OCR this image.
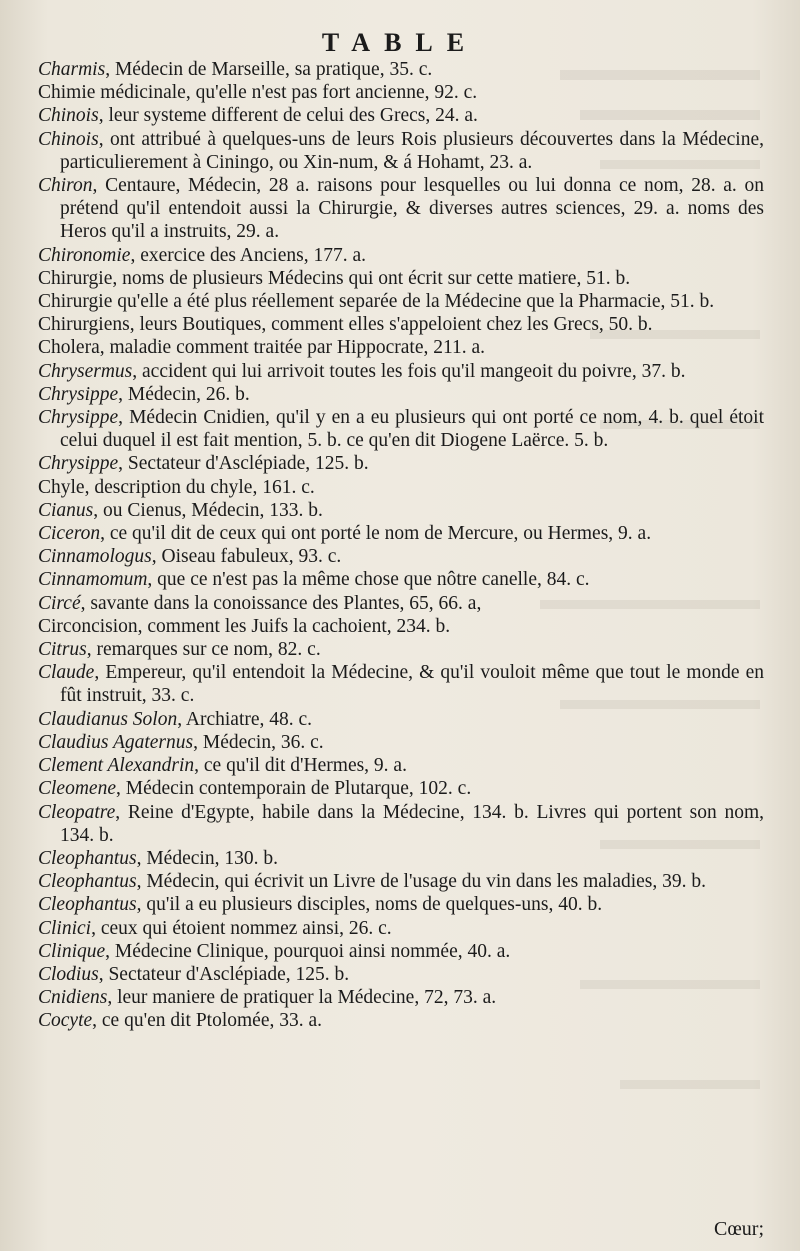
TABLE
Charmis, Médecin de Marseille, sa pratique, 35. c.
Chimie médicinale, qu'elle n'est pas fort ancienne, 92. c.
Chinois, leur systeme different de celui des Grecs, 24. a.
Chinois, ont attribué à quelques-uns de leurs Rois plusieurs découvertes dans la Médecine, particulierement à Ciningo, ou Xin-num, & á Hohamt, 23. a.
Chiron, Centaure, Médecin, 28 a. raisons pour lesquelles ou lui donna ce nom, 28. a. on prétend qu'il entendoit aussi la Chirurgie, & diverses autres sciences, 29. a. noms des Heros qu'il a instruits, 29. a.
Chironomie, exercice des Anciens, 177. a.
Chirurgie, noms de plusieurs Médecins qui ont écrit sur cette matiere, 51. b.
Chirurgie qu'elle a été plus réellement separée de la Médecine que la Pharmacie, 51. b.
Chirurgiens, leurs Boutiques, comment elles s'appeloient chez les Grecs, 50. b.
Cholera, maladie comment traitée par Hippocrate, 211. a.
Chrysermus, accident qui lui arrivoit toutes les fois qu'il mangeoit du poivre, 37. b.
Chrysippe, Médecin, 26. b.
Chrysippe, Médecin Cnidien, qu'il y en a eu plusieurs qui ont porté ce nom, 4. b. quel étoit celui duquel il est fait mention, 5. b. ce qu'en dit Diogene Laërce. 5. b.
Chrysippe, Sectateur d'Asclépiade, 125. b.
Chyle, description du chyle, 161. c.
Cianus, ou Cienus, Médecin, 133. b.
Ciceron, ce qu'il dit de ceux qui ont porté le nom de Mercure, ou Hermes, 9. a.
Cinnamologus, Oiseau fabuleux, 93. c.
Cinnamomum, que ce n'est pas la même chose que nôtre canelle, 84. c.
Circé, savante dans la conoissance des Plantes, 65, 66. a,
Circoncision, comment les Juifs la cachoient, 234. b.
Citrus, remarques sur ce nom, 82. c.
Claude, Empereur, qu'il entendoit la Médecine, & qu'il vouloit même que tout le monde en fût instruit, 33. c.
Claudianus Solon, Archiatre, 48. c.
Claudius Agaternus, Médecin, 36. c.
Clement Alexandrin, ce qu'il dit d'Hermes, 9. a.
Cleomene, Médecin contemporain de Plutarque, 102. c.
Cleopatre, Reine d'Egypte, habile dans la Médecine, 134. b. Livres qui portent son nom, 134. b.
Cleophantus, Médecin, 130. b.
Cleophantus, Médecin, qui écrivit un Livre de l'usage du vin dans les maladies, 39. b.
Cleophantus, qu'il a eu plusieurs disciples, noms de quelques-uns, 40. b.
Clinici, ceux qui étoient nommez ainsi, 26. c.
Clinique, Médecine Clinique, pourquoi ainsi nommée, 40. a.
Clodius, Sectateur d'Asclépiade, 125. b.
Cnidiens, leur maniere de pratiquer la Médecine, 72, 73. a.
Cocyte, ce qu'en dit Ptolomée, 33. a.
Cœur;
